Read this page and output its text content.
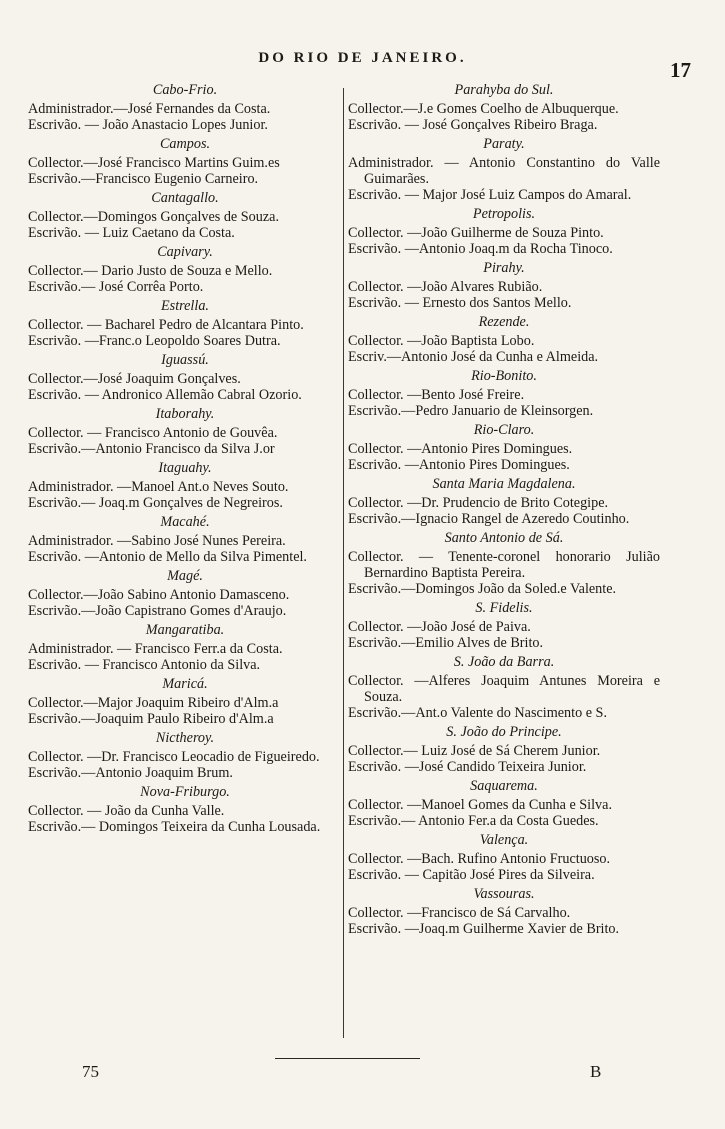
DO RIO DE JANEIRO.	17
Cabo-Frio.
Administrador.—José Fernandes da Costa.
Escrivão. — João Anastacio Lopes Junior.
Campos.
Collector.—José Francisco Martins Guim.es
Escrivão.—Francisco Eugenio Carneiro.
Cantagallo.
Collector.—Domingos Gonçalves de Souza.
Escrivão. — Luiz Caetano da Costa.
Capivary.
Collector.— Dario Justo de Souza e Mello.
Escrivão.— José Corrêa Porto.
Estrella.
Collector. — Bacharel Pedro de Alcantara Pinto.
Escrivão. —Franc.o Leopoldo Soares Dutra.
Iguassú.
Collector.—José Joaquim Gonçalves.
Escrivão. — Andronico Allemão Cabral Ozorio.
Itaborahy.
Collector. — Francisco Antonio de Gouvêa.
Escrivão.—Antonio Francisco da Silva J.or
Itaguahy.
Administrador. —Manoel Ant.o Neves Souto.
Escrivão.— Joaq.m Gonçalves de Negreiros.
Macahé.
Administrador. —Sabino José Nunes Pereira.
Escrivão. —Antonio de Mello da Silva Pimentel.
Magé.
Collector.—João Sabino Antonio Damasceno.
Escrivão.—João Capistrano Gomes d'Araujo.
Mangaratiba.
Administrador. — Francisco Ferr.a da Costa.
Escrivão. — Francisco Antonio da Silva.
Maricá.
Collector.—Major Joaquim Ribeiro d'Alm.a
Escrivão.—Joaquim Paulo Ribeiro d'Alm.a
Nictheroy.
Collector. —Dr. Francisco Leocadio de Figueiredo.
Escrivão.—Antonio Joaquim Brum.
Nova-Friburgo.
Collector. — João da Cunha Valle.
Escrivão.— Domingos Teixeira da Cunha Lousada.
Parahyba do Sul.
Collector.—J.e Gomes Coelho de Albuquerque.
Escrivão. — José Gonçalves Ribeiro Braga.
Paraty.
Administrador. — Antonio Constantino do Valle Guimarães.
Escrivão. — Major José Luiz Campos do Amaral.
Petropolis.
Collector. —João Guilherme de Souza Pinto.
Escrivão. —Antonio Joaq.m da Rocha Tinoco.
Pirahy.
Collector. —João Alvares Rubião.
Escrivão. — Ernesto dos Santos Mello.
Rezende.
Collector. —João Baptista Lobo.
Escriv.—Antonio José da Cunha e Almeida.
Rio-Bonito.
Collector. —Bento José Freire.
Escrivão.—Pedro Januario de Kleinsorgen.
Rio-Claro.
Collector. —Antonio Pires Domingues.
Escrivão. —Antonio Pires Domingues.
Santa Maria Magdalena.
Collector. —Dr. Prudencio de Brito Cotegipe.
Escrivão.—Ignacio Rangel de Azeredo Coutinho.
Santo Antonio de Sá.
Collector. — Tenente-coronel honorario Julião Bernardino Baptista Pereira.
Escrivão.—Domingos João da Soled.e Valente.
S. Fidelis.
Collector. —João José de Paiva.
Escrivão.—Emilio Alves de Brito.
S. João da Barra.
Collector. —Alferes Joaquim Antunes Moreira e Souza.
Escrivão.—Ant.o Valente do Nascimento e S.
S. João do Principe.
Collector.— Luiz José de Sá Cherem Junior.
Escrivão. —José Candido Teixeira Junior.
Saquarema.
Collector. —Manoel Gomes da Cunha e Silva.
Escrivão.— Antonio Fer.a da Costa Guedes.
Valença.
Collector. —Bach. Rufino Antonio Fructuoso.
Escrivão. — Capitão José Pires da Silveira.
Vassouras.
Collector. —Francisco de Sá Carvalho.
Escrivão. —Joaq.m Guilherme Xavier de Brito.
75	B
